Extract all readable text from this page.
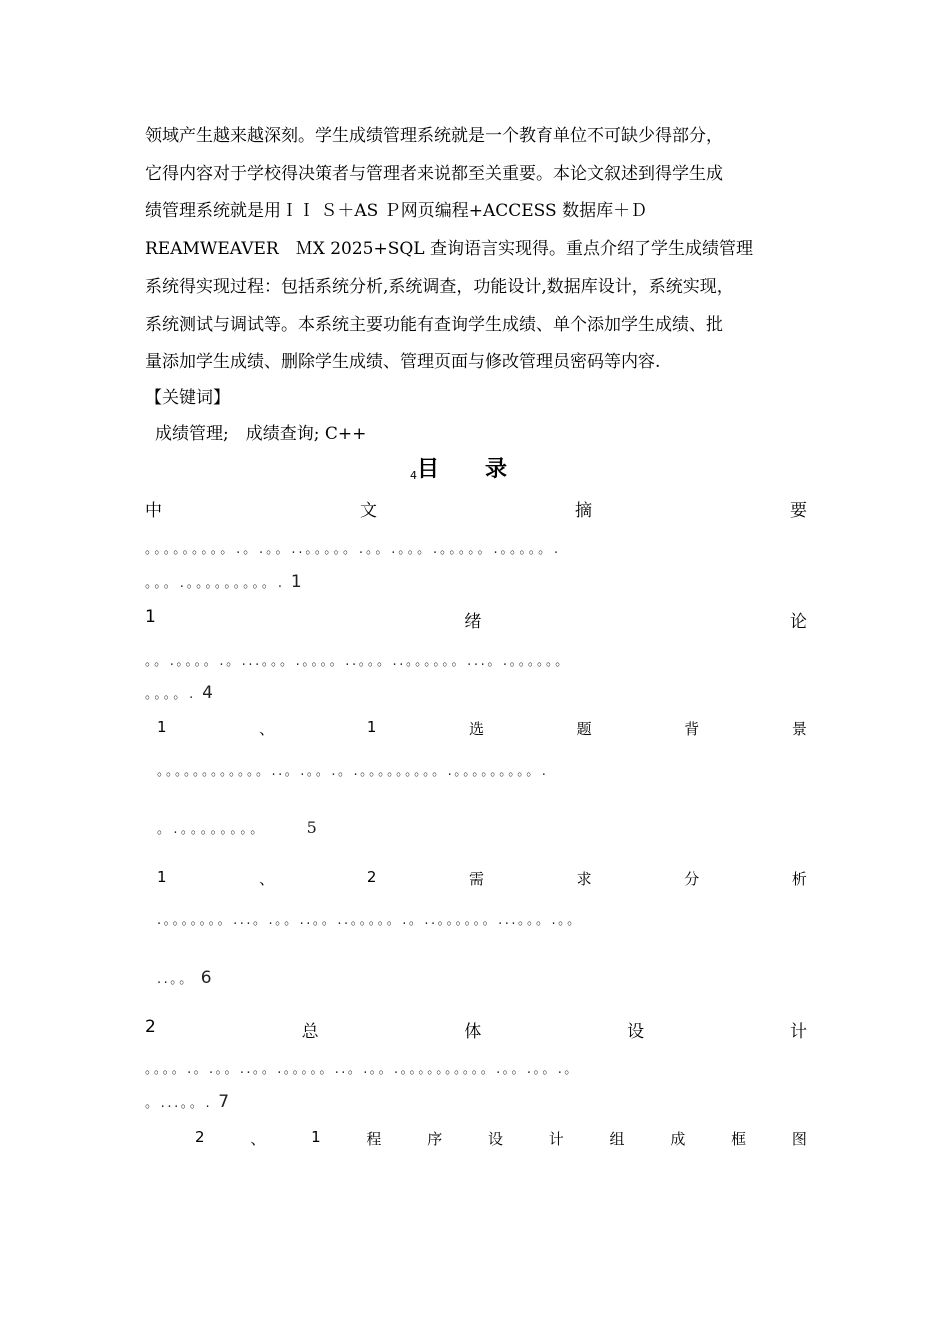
领域产生越来越深刻。学生成绩管理系统就是一个教育单位不可缺少得部分，
它得内容对于学校得决策者与管理者来说都至关重要。本论文叙述到得学生成
绩管理系统就是用ＩＩ Ｓ＋AS Ｐ网页编程+ACCESS 数据库＋Ｄ
REAMWEAVER　ＭX 2025+SQL 查询语言实现得。重点介绍了学生成绩管理
系统得实现过程：包括系统分析,系统调查，功能设计,数据库设计，系统实现，
系统测试与调试等。本系统主要功能有查询学生成绩、单个添加学生成绩、批
量添加学生成绩、删除学生成绩、管理页面与修改管理员密码等内容.

【关键词】
成绩管理;　成绩查询; C++
4目 录
中	文	摘	要
。。。。。。。。。.。.。。..。。。。。.。。.。。。.。。。。。.。。。。。.
。。。.。。。。。。。。。. 1
1	绪	论
。。.。。。。.。...。。。.。。。。..。。。..。。。。。。...。.。。。。。。
。。。。. 4
1	、	1	选	题	背	景
。。。。。。。。。。。。..。.。。.。.。。。。。。。。。.。。。。。。。。。.
。.。。。。。。。。	5
1	、	2	需	求	分	析
.。。。。。。。...。.。。..。。..。。。。。.。..。。。。。。...。。。.。。
..。。 6
2	总	体	设	计
。。。。.。.。。..。。.。。。。。..。.。。.。。。。。。。。。。.。。.。。.。
。...。。. 7
2	、	1	程	序	设	计	组	成	框	图
